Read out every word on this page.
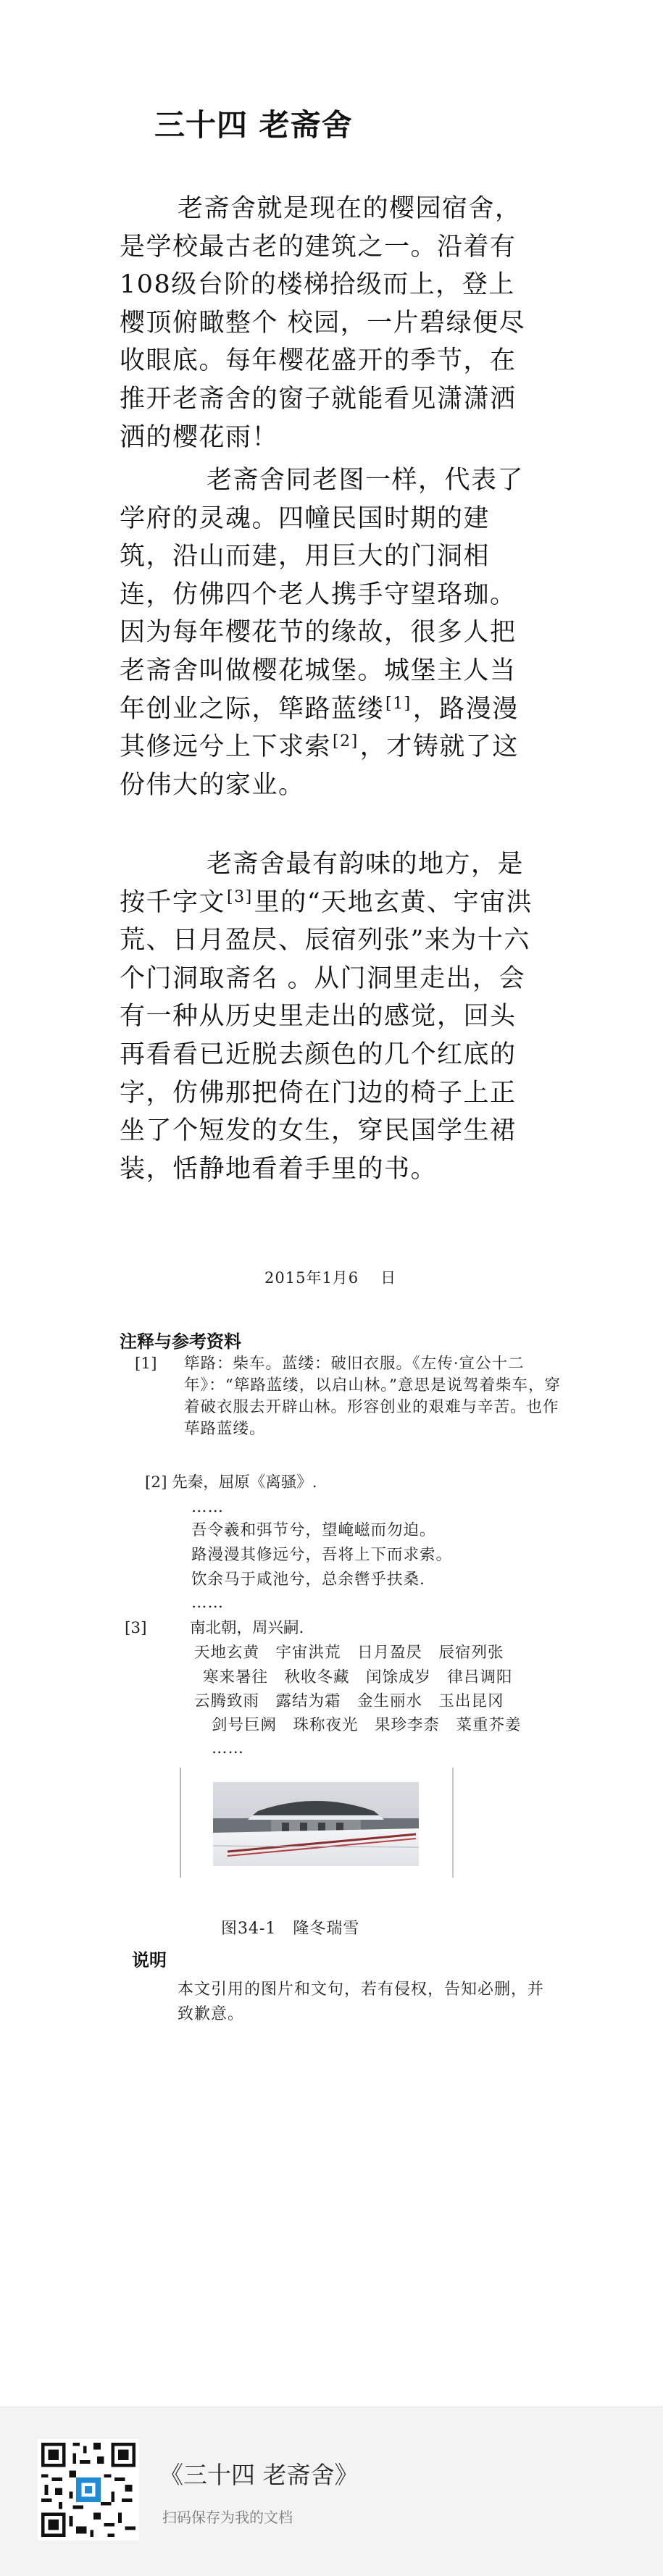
三十四 老斋舍
老斋舍就是现在的樱园宿舍，是学校最古老的建筑之一。沿着有108级台阶的楼梯拾级而上，登上樱顶俯瞰整个 校园，一片碧绿便尽收眼底。每年樱花盛开的季节，在推开老斋舍的窗子就能看见潇潇洒洒的樱花雨！
老斋舍同老图一样，代表了学府的灵魂。四幢民国时期的建筑，沿山而建，用巨大的门洞相连，仿佛四个老人携手守望珞珈。因为每年樱花节的缘故，很多人把老斋舍叫做樱花城堡。城堡主人当年创业之际，筚路蓝缕[1]，路漫漫其修远兮上下求索[2]，才铸就了这份伟大的家业。
老斋舍最有韵味的地方，是按千字文[3]里的“天地玄黄、宇宙洪荒、日月盈昃、辰宿列张”来为十六个门洞取斋名 。从门洞里走出，会有一种从历史里走出的感觉，回头再看看已近脱去颜色的几个红底的字，仿佛那把倚在门边的椅子上正坐了个短发的女生，穿民国学生裙装，恬静地看着手里的书。
2015年1月6 日
注释与参考资料
[1] 筚路：柴车。蓝缕：破旧衣服。《左传·宣公十二年》：“筚路蓝缕，以启山林。”意思是说驾着柴车，穿着破衣服去开辟山林。形容创业的艰难与辛苦。也作荜路蓝缕。
[2] 先秦，屈原《离骚》.
……
吾令羲和弭节兮，望崦嵫而勿迫。
路漫漫其修远兮，吾将上下而求索。
饮余马于咸池兮，总余辔乎扶桑.
……
[3]	南北朝，周兴嗣.
天地玄黄　宇宙洪荒　日月盈昃　辰宿列张
寒来暑往　秋收冬藏　闰馀成岁　律吕调阳
云腾致雨　露结为霜　金生丽水　玉出昆冈
剑号巨阙　珠称夜光　果珍李柰　菜重芥姜
……
图34-1　隆冬瑞雪
说明
本文引用的图片和文句，若有侵权，告知必删，并致歉意。
《三十四 老斋舍》
扫码保存为我的文档
